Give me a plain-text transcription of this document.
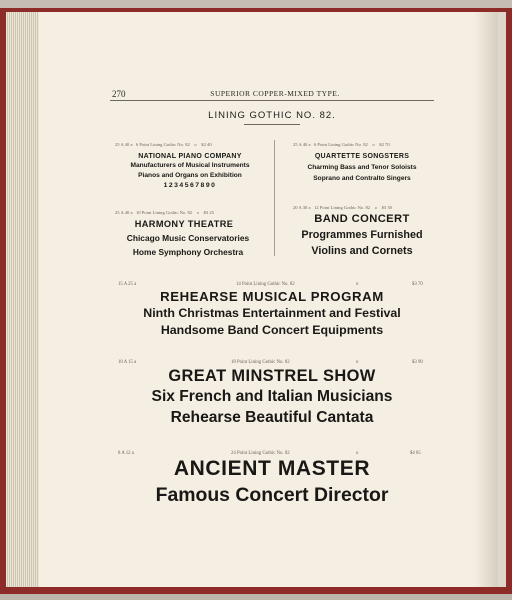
270	SUPERIOR COPPER-MIXED TYPE.
LINING GOTHIC NO. 82.
25 A 40 a 6 Point Lining Gothic No. 82 o $2 40
NATIONAL PIANO COMPANY
Manufacturers of Musical Instruments
Pianos and Organs on Exhibition
1234567890
25 A 40 a 6 Point Lining Gothic No. 82 o $2 70
QUARTETTE SONGSTERS
Charming Bass and Tenor Soloists
Soprano and Contralto Singers
25 A 40 a 10 Point Lining Gothic No. 82 o $3 25
HARMONY THEATRE
Chicago Music Conservatories
Home Symphony Orchestra
20 A 30 a 12 Point Lining Gothic No. 82 o $3 30
BAND CONCERT
Programmes Furnished
Violins and Cornets
15 A 25 a	14 Point Lining Gothic No. 82	o	$3 70
REHEARSE MUSICAL PROGRAM
Ninth Christmas Entertainment and Festival
Handsome Band Concert Equipments
10 A 15 a	18 Point Lining Gothic No. 82	o	$3 90
GREAT MINSTREL SHOW
Six French and Italian Musicians
Rehearse Beautiful Cantata
8 A 12 a	24 Point Lining Gothic No. 82	o	$4 85
ANCIENT MASTER
Famous Concert Director
